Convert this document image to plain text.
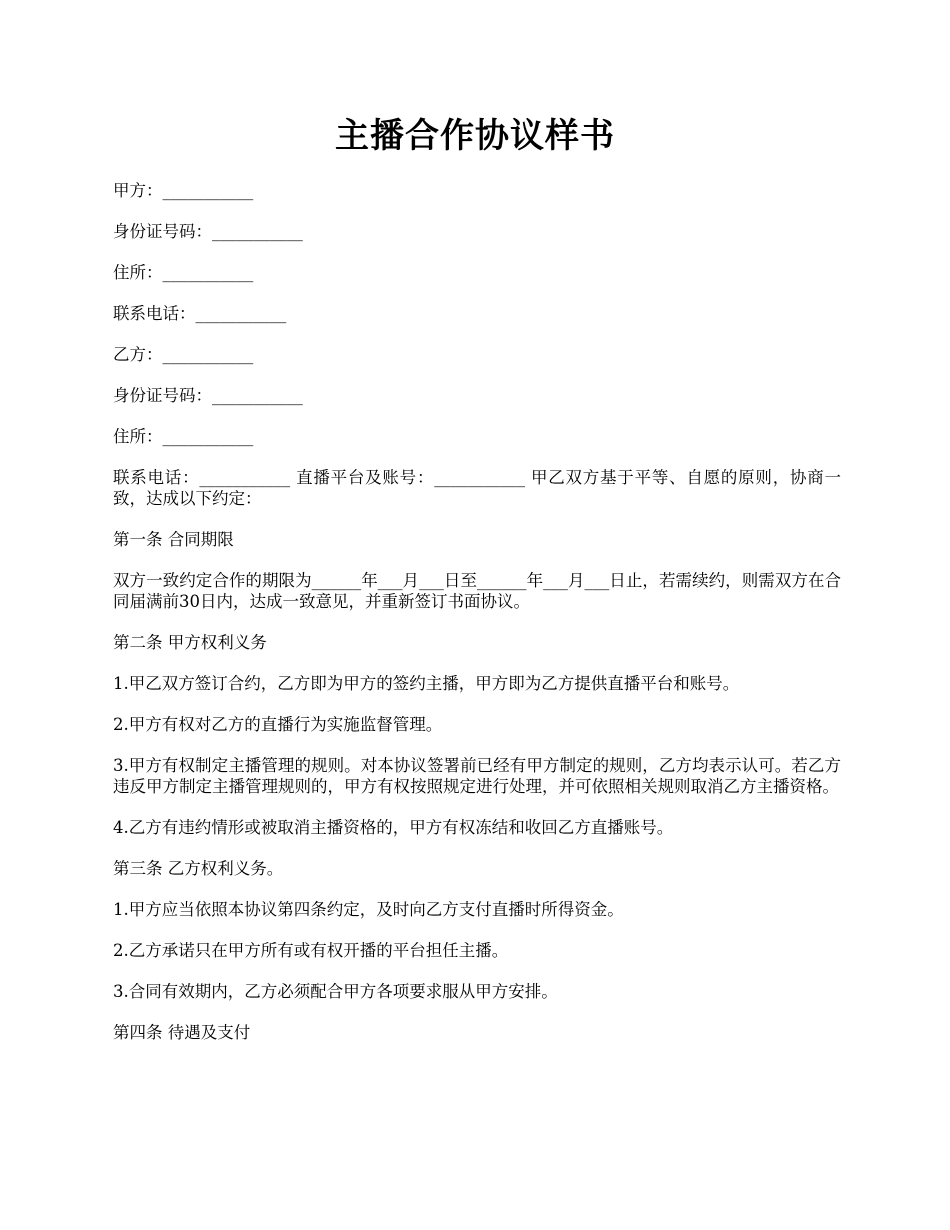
主播合作协议样书

甲方：___________

身份证号码：___________

住所：___________

联系电话：___________

乙方：___________

身份证号码：___________

住所：___________

联系电话：___________ 直播平台及账号：___________ 甲乙双方基于平等、自愿的原则，协商一致，达成以下约定：

第一条 合同期限

双方一致约定合作的期限为______年___月___日至______年___月___日止，若需续约，则需双方在合同届满前30日内，达成一致意见，并重新签订书面协议。

第二条 甲方权利义务

1.甲乙双方签订合约，乙方即为甲方的签约主播，甲方即为乙方提供直播平台和账号。

2.甲方有权对乙方的直播行为实施监督管理。

3.甲方有权制定主播管理的规则。对本协议签署前已经有甲方制定的规则，乙方均表示认可。若乙方违反甲方制定主播管理规则的，甲方有权按照规定进行处理，并可依照相关规则取消乙方主播资格。

4.乙方有违约情形或被取消主播资格的，甲方有权冻结和收回乙方直播账号。

第三条 乙方权利义务。

1.甲方应当依照本协议第四条约定，及时向乙方支付直播时所得资金。

2.乙方承诺只在甲方所有或有权开播的平台担任主播。

3.合同有效期内，乙方必须配合甲方各项要求服从甲方安排。

第四条 待遇及支付
